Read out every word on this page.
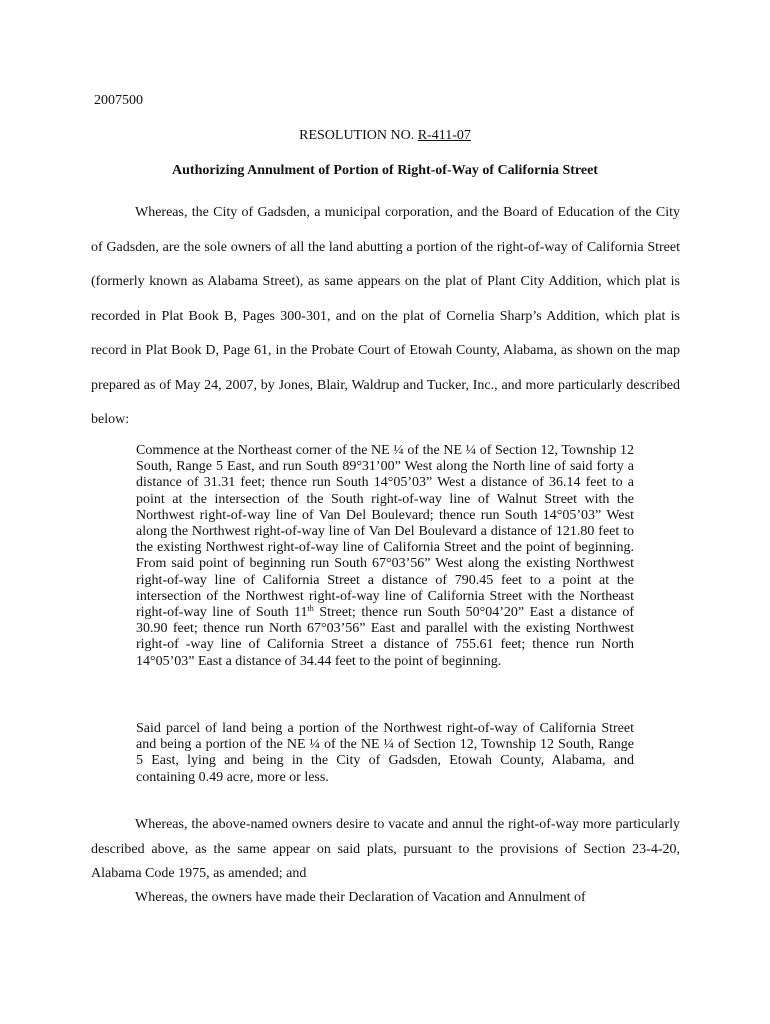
2007500
RESOLUTION NO. R-411-07
Authorizing Annulment of Portion of Right-of-Way of California Street

Whereas, the City of Gadsden, a municipal corporation, and the Board of Education of the City of Gadsden, are the sole owners of all the land abutting a portion of the right-of-way of California Street (formerly known as Alabama Street), as same appears on the plat of Plant City Addition, which plat is recorded in Plat Book B, Pages 300-301, and on the plat of Cornelia Sharp’s Addition, which plat is record in Plat Book D, Page 61, in the Probate Court of Etowah County, Alabama, as shown on the map prepared as of May 24, 2007, by Jones, Blair, Waldrup and Tucker, Inc., and more particularly described below:

Commence at the Northeast corner of the NE ¼ of the NE ¼ of Section 12, Township 12 South, Range 5 East, and run South 89°31’00” West along the North line of said forty a distance of 31.31 feet; thence run South 14°05’03” West a distance of 36.14 feet to a point at the intersection of the South right-of-way line of Walnut Street with the Northwest right-of-way line of Van Del Boulevard; thence run South 14°05’03” West along the Northwest right-of-way line of Van Del Boulevard a distance of 121.80 feet to the existing Northwest right-of-way line of California Street and the point of beginning. From said point of beginning run South 67°03’56” West along the existing Northwest right-of-way line of California Street a distance of 790.45 feet to a point at the intersection of the Northwest right-of-way line of California Street with the Northeast right-of-way line of South 11th Street; thence run South 50°04’20” East a distance of 30.90 feet; thence run North 67°03’56” East and parallel with the existing Northwest right-of -way line of California Street a distance of 755.61 feet; thence run North 14°05’03” East a distance of 34.44 feet to the point of beginning.

Said parcel of land being a portion of the Northwest right-of-way of California Street and being a portion of the NE ¼ of the NE ¼ of Section 12, Township 12 South, Range 5 East, lying and being in the City of Gadsden, Etowah County, Alabama, and containing 0.49 acre, more or less.

Whereas, the above-named owners desire to vacate and annul the right-of-way more particularly described above, as the same appear on said plats, pursuant to the provisions of Section 23-4-20, Alabama Code 1975, as amended; and

Whereas, the owners have made their Declaration of Vacation and Annulment of
